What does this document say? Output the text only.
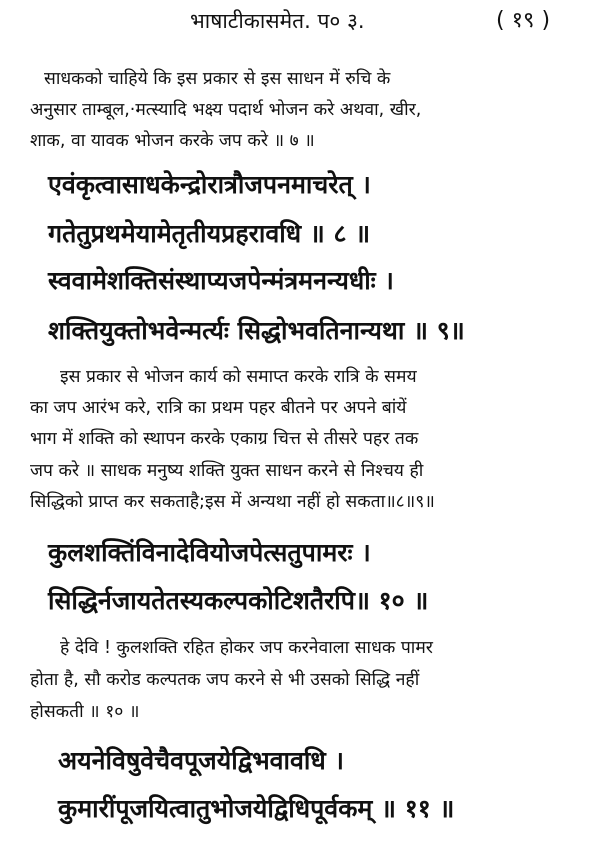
भाषाटीकासमेत. प० ३.	( १९ )
साधकको चाहिये कि इस प्रकार से इस साधन में रुचि के
अनुसार ताम्बूल,·मत्स्यादि भक्ष्य पदार्थ भोजन करे अथवा, खीर,
शाक, वा यावक भोजन करके जप करे ॥ ७ ॥
एवंकृत्वासाधकेन्द्रोरात्रौजपनमाचरेत् ।
गतेतुप्रथमेयामेतृतीयप्रहरावधि ॥ ८ ॥
स्ववामेशक्तिसंस्थाप्यजपेन्मंत्रमनन्यधीः ।
शक्तियुक्तोभवेन्मर्त्यः सिद्धोभवतिनान्यथा ॥ ९॥
इस प्रकार से भोजन कार्य को समाप्त करके रात्रि के समय
का जप आरंभ करे, रात्रि का प्रथम पहर बीतने पर अपने बांयें
भाग में शक्ति को स्थापन करके एकाग्र चित्त से तीसरे पहर तक
जप करे ॥ साधक मनुष्य शक्ति युक्त साधन करने से निश्चय ही
सिद्धिको प्राप्त कर सकताहै;इस में अन्यथा नहीं हो सकता॥८॥९॥
कुलशक्तिंविनादेवियोजपेत्सतुपामरः ।
सिद्धिर्नजायतेतस्यकल्पकोटिशतैरपि॥ १० ॥
हे देवि ! कुलशक्ति रहित होकर जप करनेवाला साधक पामर
होता है, सौ करोड कल्पतक जप करने से भी उसको सिद्धि नहीं
होसकती ॥ १० ॥
अयनेविषुवेचैवपूजयेद्विभवावधि ।
कुमारींपूजयित्वातुभोजयेद्विधिपूर्वकम् ॥ ११ ॥
